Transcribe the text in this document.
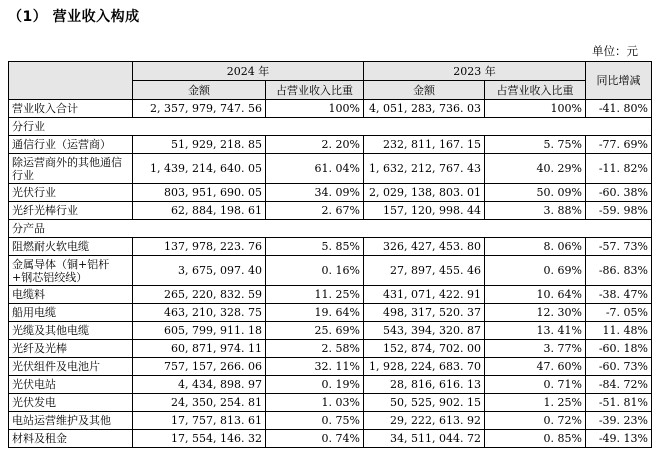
（1） 营业收入构成
单位：元
	2024 年		2023 年		同比增减
	金额	占营业收入比重	金额	占营业收入比重	
营业收入合计	2, 357, 979, 747. 56	100%	4, 051, 283, 736. 03	100%	-41. 80%
分行业					
通信行业（运营商）	51, 929, 218. 85	2. 20%	232, 811, 167. 15	5. 75%	-77. 69%
除运营商外的其他通信行业	1, 439, 214, 640. 05	61. 04%	1, 632, 212, 767. 43	40. 29%	-11. 82%
光伏行业	803, 951, 690. 05	34. 09%	2, 029, 138, 803. 01	50. 09%	-60. 38%
光纤光棒行业	62, 884, 198. 61	2. 67%	157, 120, 998. 44	3. 88%	-59. 98%
分产品					
阻燃耐火软电缆	137, 978, 223. 76	5. 85%	326, 427, 453. 80	8. 06%	-57. 73%
金属导体（铜+铝杆+钢芯铝绞线）	3, 675, 097. 40	0. 16%	27, 897, 455. 46	0. 69%	-86. 83%
电缆料	265, 220, 832. 59	11. 25%	431, 071, 422. 91	10. 64%	-38. 47%
船用电缆	463, 210, 328. 75	19. 64%	498, 317, 520. 37	12. 30%	-7. 05%
光缆及其他电缆	605, 799, 911. 18	25. 69%	543, 394, 320. 87	13. 41%	11. 48%
光纤及光棒	60, 871, 974. 11	2. 58%	152, 874, 702. 00	3. 77%	-60. 18%
光伏组件及电池片	757, 157, 266. 06	32. 11%	1, 928, 224, 683. 70	47. 60%	-60. 73%
光伏电站	4, 434, 898. 97	0. 19%	28, 816, 616. 13	0. 71%	-84. 72%
光伏发电	24, 350, 254. 81	1. 03%	50, 525, 902. 15	1. 25%	-51. 81%
电站运营维护及其他	17, 757, 813. 61	0. 75%	29, 222, 613. 92	0. 72%	-39. 23%
材料及租金	17, 554, 146. 32	0. 74%	34, 511, 044. 72	0. 85%	-49. 13%
